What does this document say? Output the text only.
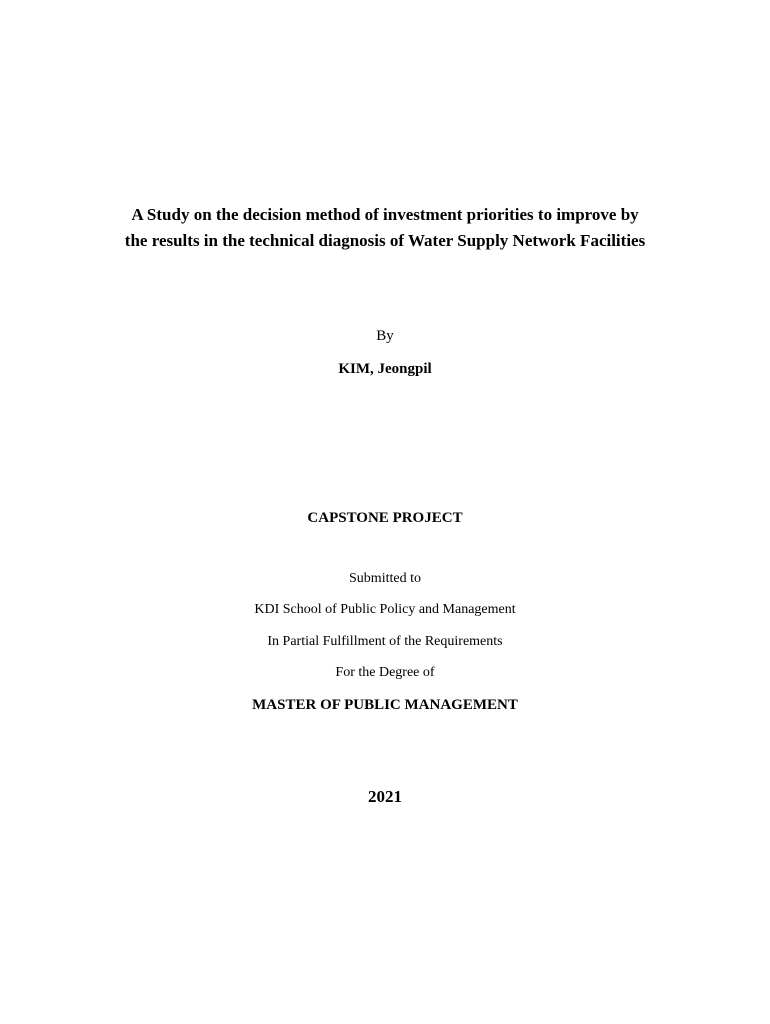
A Study on the decision method of investment priorities to improve by
the results in the technical diagnosis of Water Supply Network Facilities
By
KIM, Jeongpil
CAPSTONE PROJECT
Submitted to
KDI School of Public Policy and Management
In Partial Fulfillment of the Requirements
For the Degree of
MASTER OF PUBLIC MANAGEMENT
2021
